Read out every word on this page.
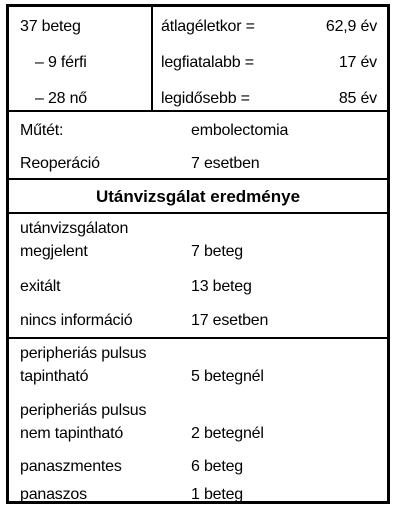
37 beteg
– 9 férfi
– 28 nő
átlagéletkor =	62,9 év
legfiatalabb =	17 év
legidősebb =	85 év
Műtét:	embolectomia
Reoperáció	7 esetben
Utánvizsgálat eredménye
utánvizsgálaton
megjelent	7 beteg
exitált	13 beteg
nincs információ	17 esetben
peripheriás pulsus
tapintható	5 betegnél
peripheriás pulsus
nem tapintható	2 betegnél
panaszmentes	6 beteg
panaszos	1 beteg
